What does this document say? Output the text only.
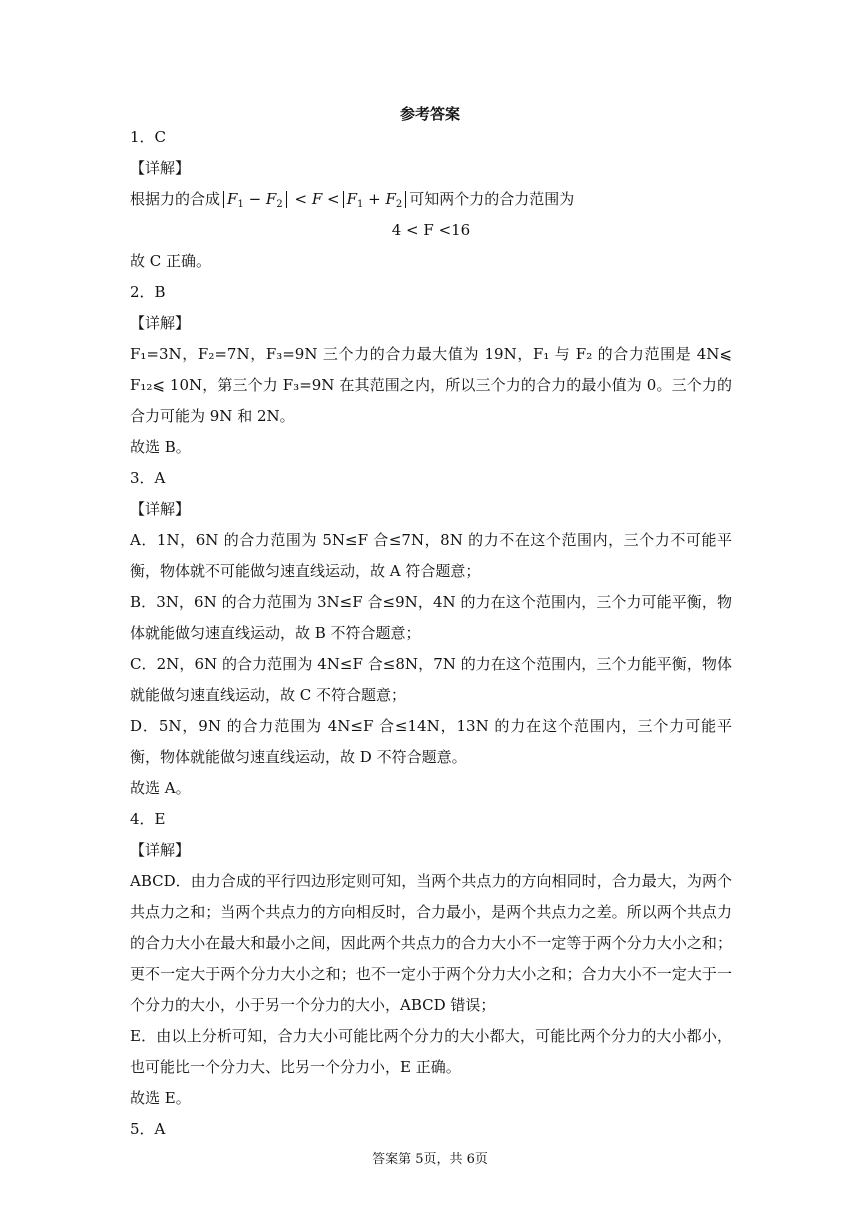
参考答案
1．C
【详解】
根据力的合成 $F_1 - F_2 < F < F_1 + F_2$ 可知两个力的合力范围为
4 < F <16
故 C 正确。
2．B
【详解】
F₁=3N，F₂=7N，F₃=9N 三个力的合力最大值为 19N，F₁ 与 F₂ 的合力范围是 4N⩽ F₁₂⩽ 10N，第三个力 F₃=9N 在其范围之内，所以三个力的合力的最小值为 0。三个力的合力可能为 9N 和 2N。
故选 B。
3．A
【详解】
A．1N，6N 的合力范围为 5N≤F 合≤7N，8N 的力不在这个范围内，三个力不可能平衡，物体就不可能做匀速直线运动，故 A 符合题意；
B．3N，6N 的合力范围为 3N≤F 合≤9N，4N 的力在这个范围内，三个力可能平衡，物体就能做匀速直线运动，故 B 不符合题意；
C．2N，6N 的合力范围为 4N≤F 合≤8N，7N 的力在这个范围内，三个力能平衡，物体就能做匀速直线运动，故 C 不符合题意；
D．5N，9N 的合力范围为 4N≤F 合≤14N，13N 的力在这个范围内，三个力可能平衡，物体就能做匀速直线运动，故 D 不符合题意。
故选 A。
4．E
【详解】
ABCD．由力合成的平行四边形定则可知，当两个共点力的方向相同时，合力最大，为两个共点力之和；当两个共点力的方向相反时，合力最小，是两个共点力之差。所以两个共点力的合力大小在最大和最小之间，因此两个共点力的合力大小不一定等于两个分力大小之和；更不一定大于两个分力大小之和；也不一定小于两个分力大小之和；合力大小不一定大于一个分力的大小，小于另一个分力的大小，ABCD 错误；
E．由以上分析可知，合力大小可能比两个分力的大小都大，可能比两个分力的大小都小，也可能比一个分力大、比另一个分力小，E 正确。
故选 E。
5．A
答案第 5页，共 6页
